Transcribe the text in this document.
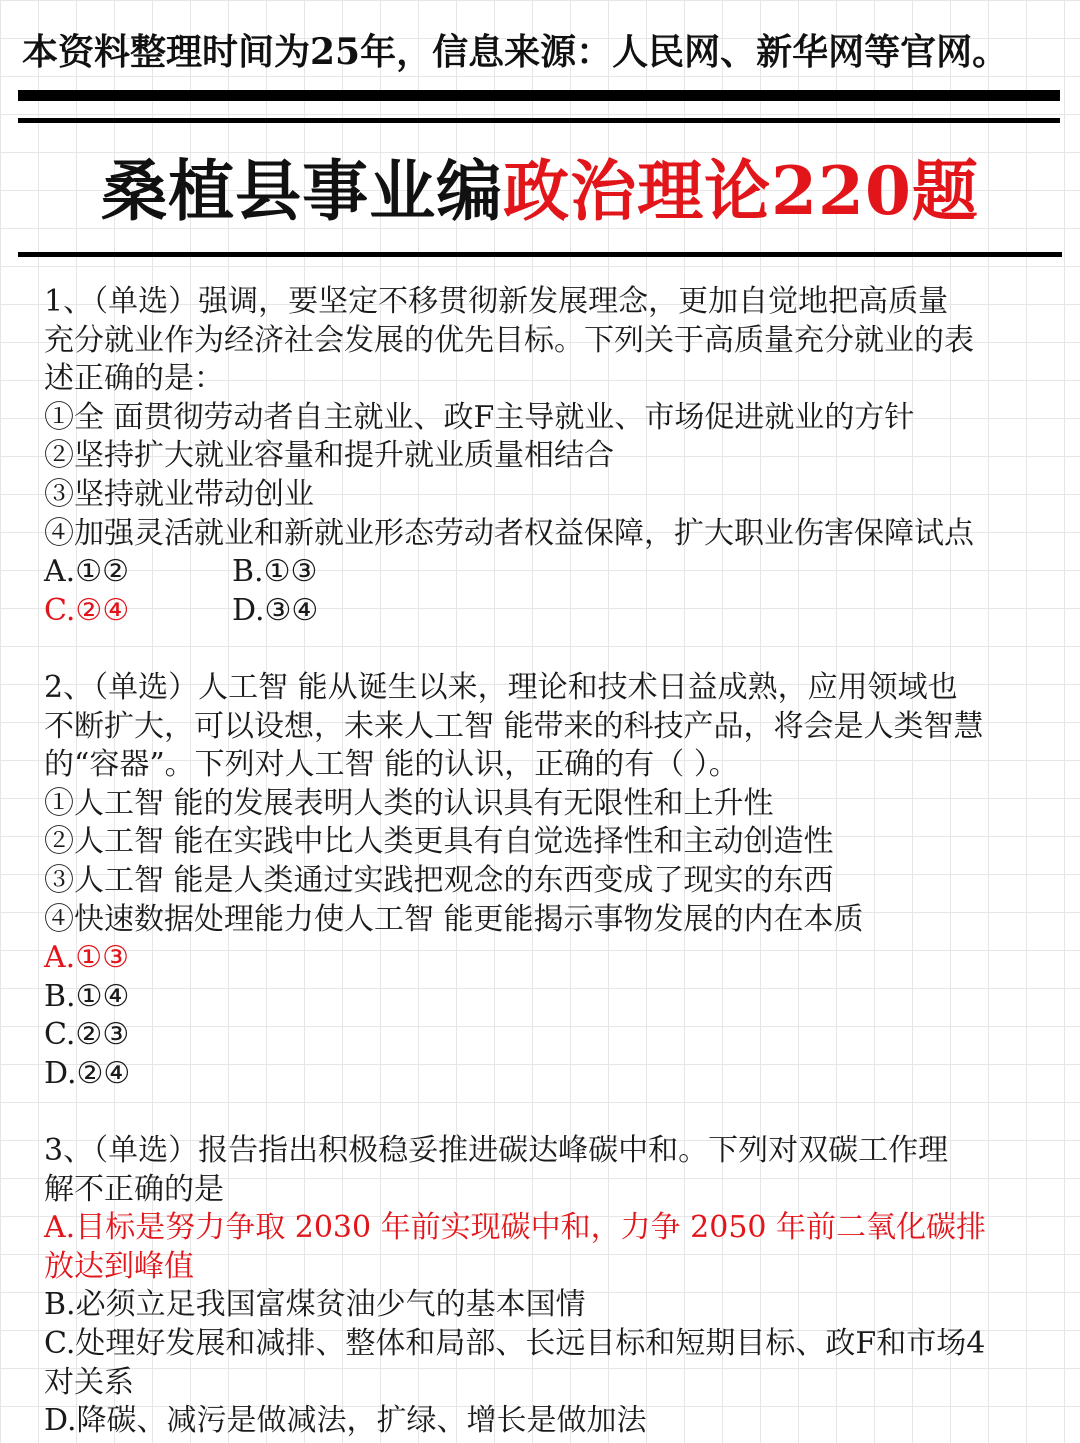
本资料整理时间为25年，信息来源：人民网、新华网等官网。
桑植县事业编政治理论220题
1、（单选）强调，要坚定不移贯彻新发展理念，更加自觉地把高质量
充分就业作为经济社会发展的优先目标。下列关于高质量充分就业的表
述正确的是：
①全 面贯彻劳动者自主就业、政F主导就业、市场促进就业的方针
②坚持扩大就业容量和提升就业质量相结合
③坚持就业带动创业
④加强灵活就业和新就业形态劳动者权益保障，扩大职业伤害保障试点
A.①②	B.①③
C.②④	D.③④
2、（单选）人工智 能从诞生以来，理论和技术日益成熟，应用领域也
不断扩大，可以设想，未来人工智 能带来的科技产品，将会是人类智慧
的“容器”。下列对人工智 能的认识，正确的有（ ）。
①人工智 能的发展表明人类的认识具有无限性和上升性
②人工智 能在实践中比人类更具有自觉选择性和主动创造性
③人工智 能是人类通过实践把观念的东西变成了现实的东西
④快速数据处理能力使人工智 能更能揭示事物发展的内在本质
A.①③
B.①④
C.②③
D.②④
3、（单选）报告指出积极稳妥推进碳达峰碳中和。下列对双碳工作理
解不正确的是
A.目标是努力争取 2030 年前实现碳中和，力争 2050 年前二氧化碳排
放达到峰值
B.必须立足我国富煤贫油少气的基本国情
C.处理好发展和减排、整体和局部、长远目标和短期目标、政F和市场4
对关系
D.降碳、减污是做减法，扩绿、增长是做加法
